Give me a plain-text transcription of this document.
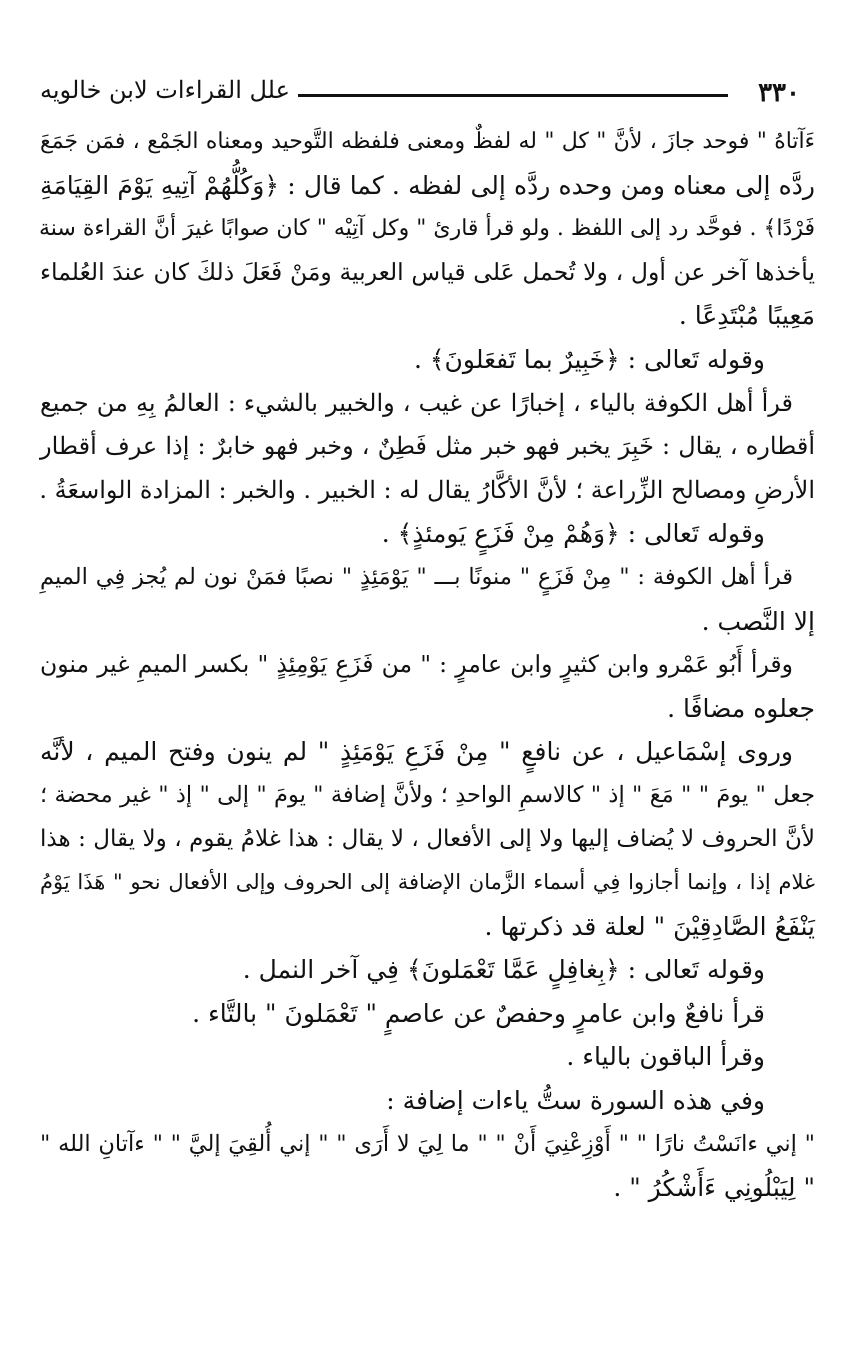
٣٣٠
علل القراءات لابن خالويه
ءَآتاهُ " فوحد جازَ ، لأنَّ " كل " له لفظٌ ومعنى فلفظه التَّوحيد ومعناه الجَمْع ، فمَن جَمَعَ
ردَّه إلى معناه ومن وحده ردَّه إلى لفظه . كما قال : ﴿وَكُلُّهُمْ آتِيهِ يَوْمَ القِيَامَةِ
فَرْدًا﴾ . فوحَّد رد إلى اللفظ . ولو قرأ قارئ " وكل آتِيْه " كان صوابًا غيرَ أنَّ القراءة سنة
يأخذها آخر عن أول ، ولا تُحمل عَلى قياس العربية ومَنْ فَعَلَ ذلكَ كان عندَ العُلماء
مَعِيبًا مُبْتَدِعًا .
وقوله تَعالى : ﴿خَبِيرٌ بما تَفعَلونَ﴾ .
قرأ أهل الكوفة بالياء ، إخبارًا عن غيب ، والخبير بالشيء : العالمُ بِهِ من جميع
أقطاره ، يقال : خَبِرَ يخبر فهو خبر مثل فَطِنٌ ، وخبر فهو خابرٌ : إذا عرف أقطار
الأرضِ ومصالح الزِّراعة ؛ لأنَّ الأكَّارُ يقال له : الخبير . والخبر : المزادة الواسعَةُ .
وقوله تَعالى : ﴿وَهُمْ مِنْ فَزَعٍ يَومئذٍ﴾ .
قرأ أهل الكوفة : " مِنْ فَزَعٍ " منونًا بـــ " يَوْمَئِذٍ " نصبًا فمَنْ نون لم يُجز فِي الميمِ
إلا النَّصب .
وقرأ أَبُو عَمْرو وابن كثيرٍ وابن عامرٍ : " من فَزَعِ يَوْمِئِذٍ " بكسر الميمِ غير منون
جعلوه مضافًا .
وروى إسْمَاعيل ، عن نافعٍ " مِنْ فَزَعِ يَوْمَئِذٍ " لم ينون وفتح الميم ، لأنَّه
جعل " يومَ " " مَعَ " إذ " كالاسمِ الواحدِ ؛ ولأنَّ إضافة " يومَ " إلى " إذ " غير محضة ؛
لأنَّ الحروف لا يُضاف إليها ولا إلى الأفعال ، لا يقال : هذا غلامُ يقوم ، ولا يقال : هذا
غلام إذا ، وإنما أجازوا فِي أسماء الزَّمان الإضافة إلى الحروف وإلى الأفعال نحو " هَذَا يَوْمُ
يَنْفَعُ الصَّادِقِيْنَ " لعلة قد ذكرتها .
وقوله تَعالى : ﴿بِغافِلٍ عَمَّا تَعْمَلونَ﴾ فِي آخر النمل .
قرأ نافعٌ وابن عامرٍ وحفصٌ عن عاصمٍ " تَعْمَلونَ " بالتَّاء .
وقرأ الباقون بالياء .
وفي هذه السورة ستُّ ياءات إضافة :
" إني ءانَسْتُ نارًا " " أَوْزِعْنِيَ أَنْ " " ما لِيَ لا أَرَى " " إني أُلقِيَ إليَّ " " ءآتانِ الله "
" لِيَبْلُونِي ءَأَشْكُرُ " .
